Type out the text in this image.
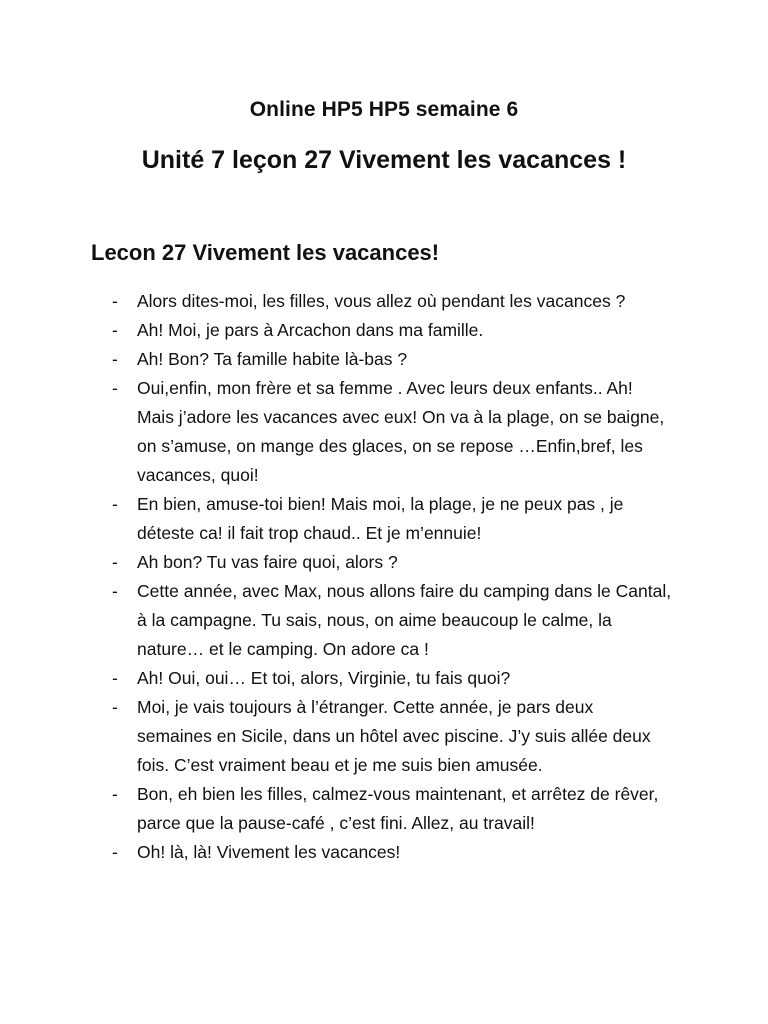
Online HP5 HP5 semaine 6
Unité 7 leçon 27 Vivement les vacances !
Lecon 27 Vivement les vacances!
- Alors dites-moi, les filles, vous allez où pendant les vacances ?
- Ah! Moi, je pars à Arcachon dans ma famille.
- Ah! Bon? Ta famille habite là-bas ?
- Oui,enfin, mon frère et sa femme . Avec leurs deux enfants.. Ah! Mais j’adore les vacances avec eux! On va à la plage, on se baigne, on s’amuse, on mange des glaces, on se repose …Enfin,bref, les vacances, quoi!
- En bien, amuse-toi bien! Mais moi, la plage, je ne peux pas , je déteste ca! il fait trop chaud.. Et je m’ennuie!
- Ah bon? Tu vas faire quoi, alors ?
- Cette année, avec Max, nous allons faire du camping dans le Cantal, à la campagne. Tu sais, nous, on aime beaucoup le calme, la nature… et le camping. On adore ca !
- Ah! Oui, oui… Et toi, alors, Virginie, tu fais quoi?
- Moi, je vais toujours à l’étranger. Cette année, je pars deux semaines en Sicile, dans un hôtel avec piscine. J’y suis allée deux fois. C’est vraiment beau et je me suis bien amusée.
- Bon, eh bien les filles, calmez-vous maintenant, et arrêtez de rêver, parce que la pause-café , c’est fini. Allez, au travail!
- Oh! là, là! Vivement les vacances!
